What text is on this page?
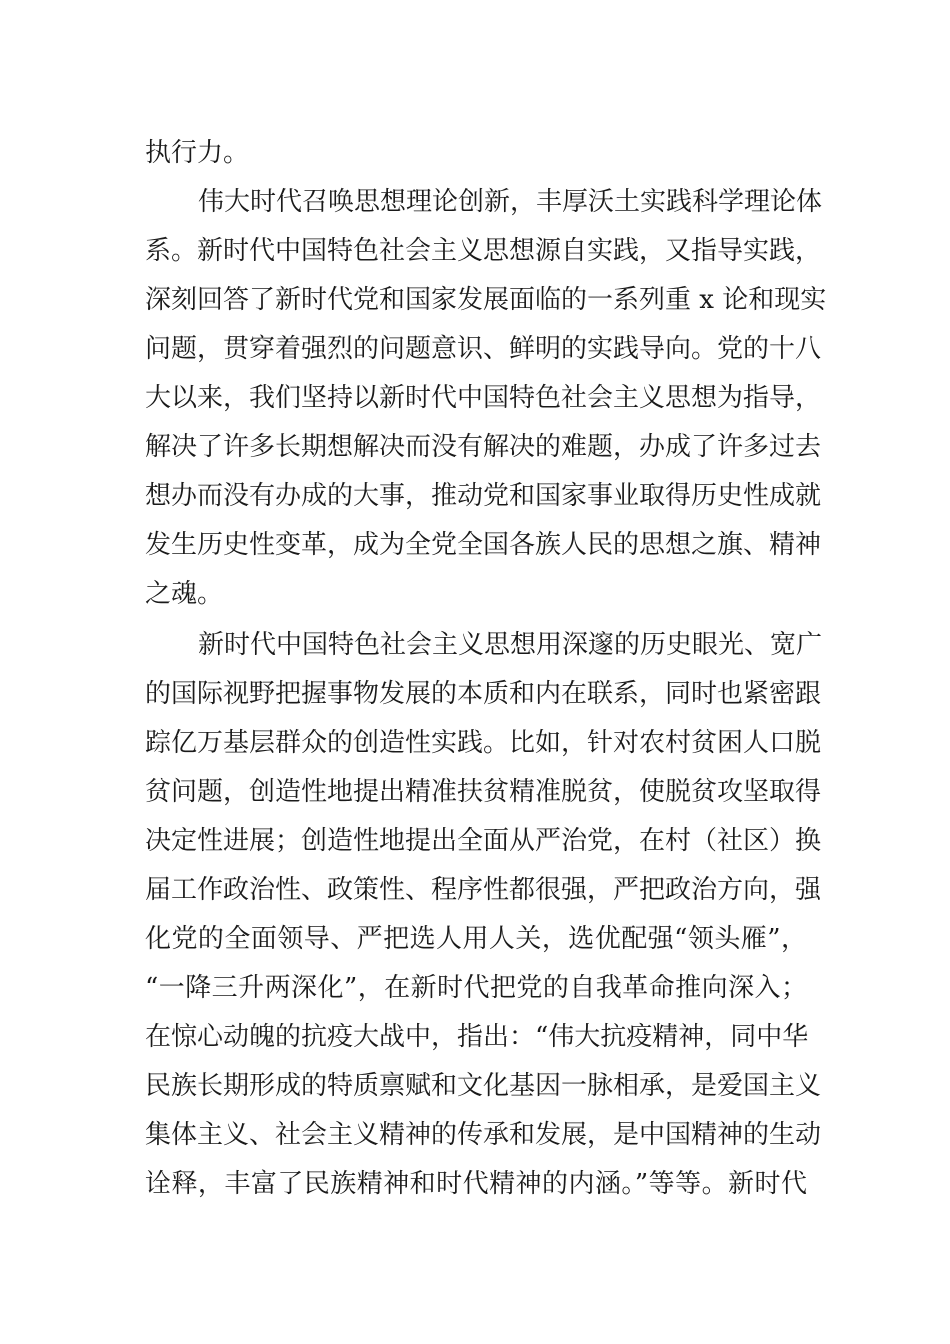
执行力。

伟大时代召唤思想理论创新，丰厚沃土实践科学理论体

系。新时代中国特色社会主义思想源自实践，又指导实践，

深刻回答了新时代党和国家发展面临的一系列重 x 论和现实

问题，贯穿着强烈的问题意识、鲜明的实践导向。党的十八

大以来，我们坚持以新时代中国特色社会主义思想为指导，

解决了许多长期想解决而没有解决的难题，办成了许多过去

想办而没有办成的大事，推动党和国家事业取得历史性成就

发生历史性变革，成为全党全国各族人民的思想之旗、精神

之魂。

新时代中国特色社会主义思想用深邃的历史眼光、宽广

的国际视野把握事物发展的本质和内在联系，同时也紧密跟

踪亿万基层群众的创造性实践。比如，针对农村贫困人口脱

贫问题，创造性地提出精准扶贫精准脱贫，使脱贫攻坚取得

决定性进展；创造性地提出全面从严治党，在村（社区）换

届工作政治性、政策性、程序性都很强，严把政治方向，强

化党的全面领导、严把选人用人关，选优配强“领头雁”，

“一降三升两深化”，在新时代把党的自我革命推向深入；

在惊心动魄的抗疫大战中，指出：“伟大抗疫精神，同中华

民族长期形成的特质禀赋和文化基因一脉相承，是爱国主义

集体主义、社会主义精神的传承和发展，是中国精神的生动

诠释，丰富了民族精神和时代精神的内涵。”等等。新时代
